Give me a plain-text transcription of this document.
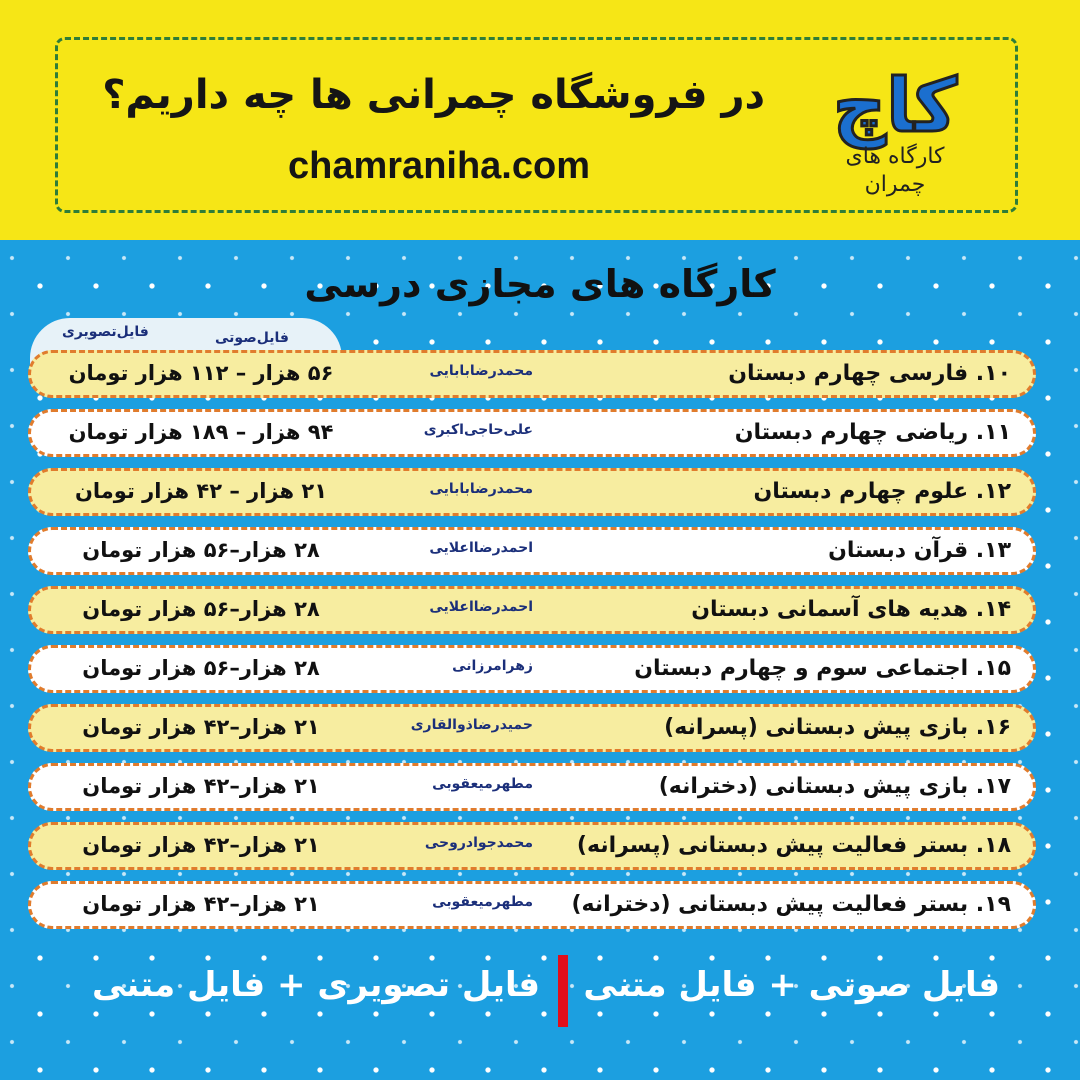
در فروشگاه چمرانی ها چه داریم؟
chamraniha.com
کاچ
کارگاه های
چمران
کارگاه های مجازی درسی
فایل‌تصویری	فایل‌صوتی
۱۰. فارسی چهارم دبستان
محمدرضابابایی
۵۶ هزار – ۱۱۲ هزار تومان
۱۱. ریاضی چهارم دبستان
علی‌حاجی‌اکبری
۹۴ هزار – ۱۸۹ هزار تومان
۱۲. علوم چهارم دبستان
محمدرضابابایی
۲۱ هزار – ۴۲ هزار تومان
۱۳. قرآن دبستان
احمدرضااعلایی
۲۸ هزار–۵۶ هزار تومان
۱۴. هدیه های آسمانی دبستان
احمدرضااعلایی
۲۸ هزار–۵۶ هزار تومان
۱۵. اجتماعی سوم و چهارم دبستان
زهرامرزانی
۲۸ هزار–۵۶ هزار تومان
۱۶. بازی پیش دبستانی (پسرانه)
حمیدرضاذوالقاری
۲۱ هزار–۴۲ هزار تومان
۱۷. بازی پیش دبستانی (دخترانه)
مطهرمیعقوبی
۲۱ هزار–۴۲ هزار تومان
۱۸. بستر فعالیت پیش دبستانی (پسرانه)
محمدجوادروحی
۲۱ هزار–۴۲ هزار تومان
۱۹. بستر فعالیت پیش دبستانی (دخترانه)
مطهرمیعقوبی
۲۱ هزار–۴۲ هزار تومان
فایل صوتی + فایل متنی
فایل تصویری + فایل متنی
